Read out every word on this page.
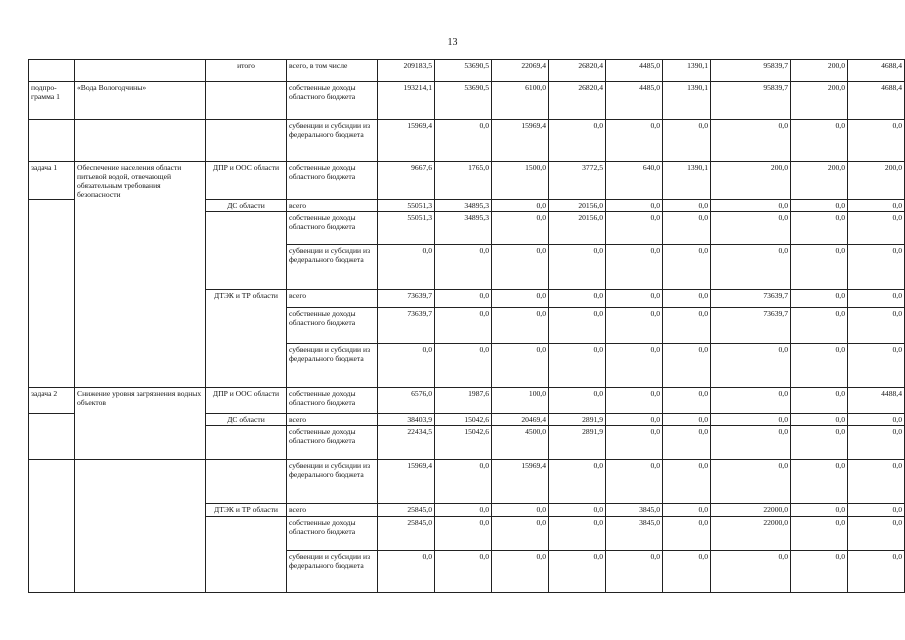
13
		итого	всего, в том числе	209183,5	53690,5	22069,4	26820,4	4485,0	1390,1	95839,7	200,0	4688,4
подпро-грамма 1	«Вода Вологодчины»		собственные доходы областного бюджета	193214,1	53690,5	6100,0	26820,4	4485,0	1390,1	95839,7	200,0	4688,4
			субвенции и субсидии из федерального бюджета	15969,4	0,0	15969,4	0,0	0,0	0,0	0,0	0,0	0,0
задача 1	Обеспечение населения области питьевой водой, отвечающей обязательным требования безопасности	ДПР и ООС области	собственные доходы областного бюджета	9667,6	1765,0	1500,0	3772,5	640,0	1390,1	200,0	200,0	200,0
		ДС области	всего	55051,3	34895,3	0,0	20156,0	0,0	0,0	0,0	0,0	0,0
			собственные доходы областного бюджета	55051,3	34895,3	0,0	20156,0	0,0	0,0	0,0	0,0	0,0
			субвенции и субсидии из федерального бюджета	0,0	0,0	0,0	0,0	0,0	0,0	0,0	0,0	0,0
		ДТЭК и ТР области	всего	73639,7	0,0	0,0	0,0	0,0	0,0	73639,7	0,0	0,0
			собственные доходы областного бюджета	73639,7	0,0	0,0	0,0	0,0	0,0	73639,7	0,0	0,0
			субвенции и субсидии из федерального бюджета	0,0	0,0	0,0	0,0	0,0	0,0	0,0	0,0	0,0
задача 2	Снижение уровня загрязнения водных объектов	ДПР и ООС области	собственные доходы областного бюджета	6576,0	1987,6	100,0	0,0	0,0	0,0	0,0	0,0	4488,4
		ДС области	всего	38403,9	15042,6	20469,4	2891,9	0,0	0,0	0,0	0,0	0,0
			собственные доходы областного бюджета	22434,5	15042,6	4500,0	2891,9	0,0	0,0	0,0	0,0	0,0
			субвенции и субсидии из федерального бюджета	15969,4	0,0	15969,4	0,0	0,0	0,0	0,0	0,0	0,0
		ДТЭК и ТР области	всего	25845,0	0,0	0,0	0,0	3845,0	0,0	22000,0	0,0	0,0
			собственные доходы областного бюджета	25845,0	0,0	0,0	0,0	3845,0	0,0	22000,0	0,0	0,0
			субвенции и субсидии из федерального бюджета	0,0	0,0	0,0	0,0	0,0	0,0	0,0	0,0	0,0
